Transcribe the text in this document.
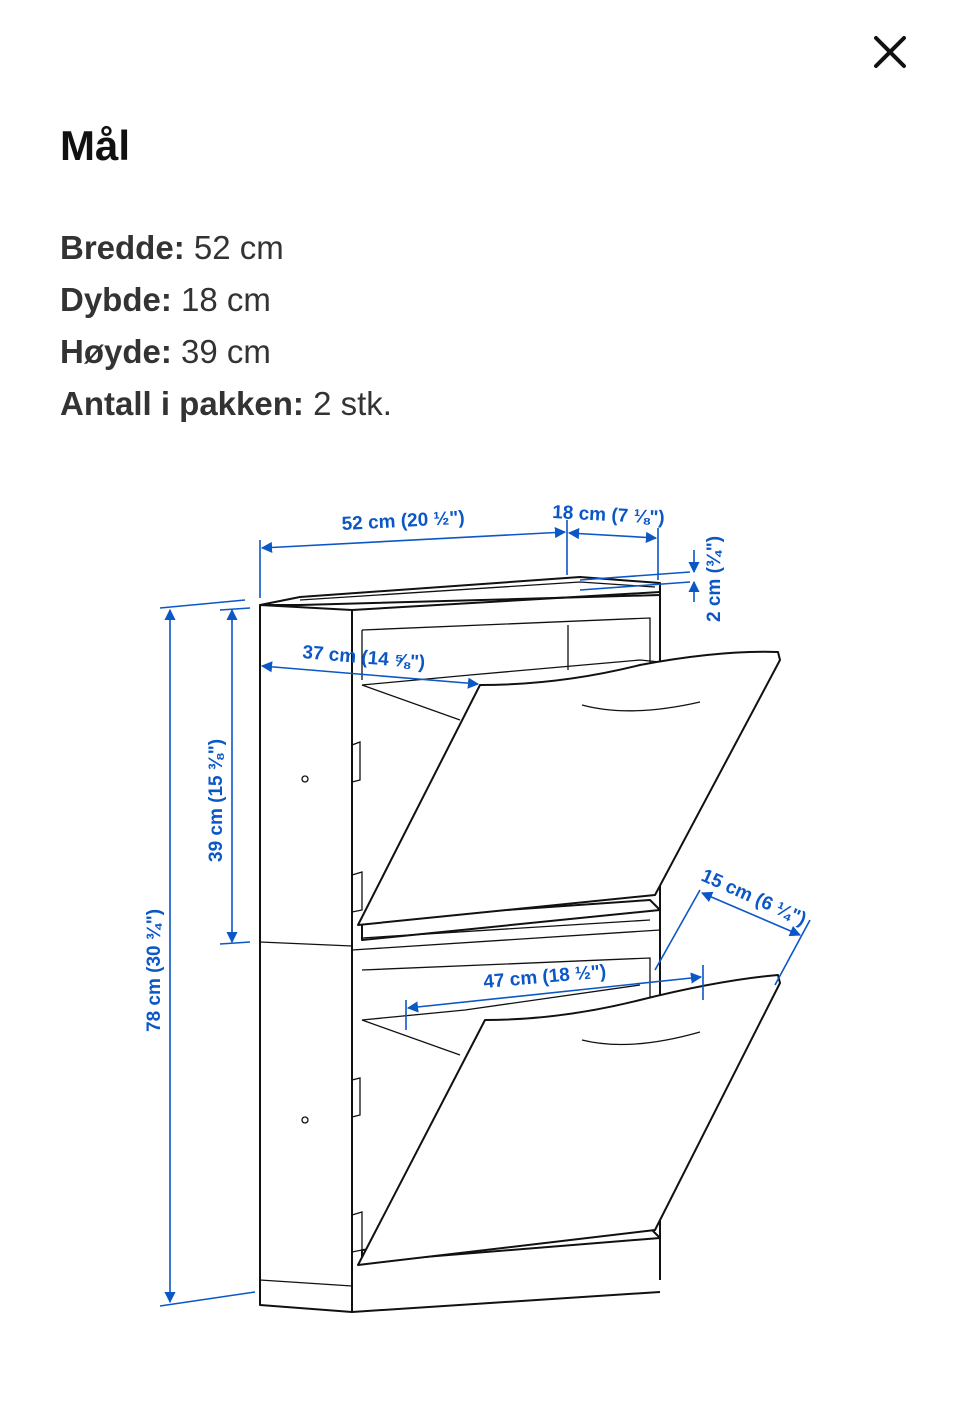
Mål
Bredde: 52 cm
Dybde: 18 cm
Høyde: 39 cm
Antall i pakken: 2 stk.
52 cm (20 ½")	18 cm (7 ⅛")
2 cm (¾")
37 cm (14 ⅝")
39 cm (15 ⅜")
78 cm (30 ¾")
15 cm (6 ¼")
47 cm (18 ½")
